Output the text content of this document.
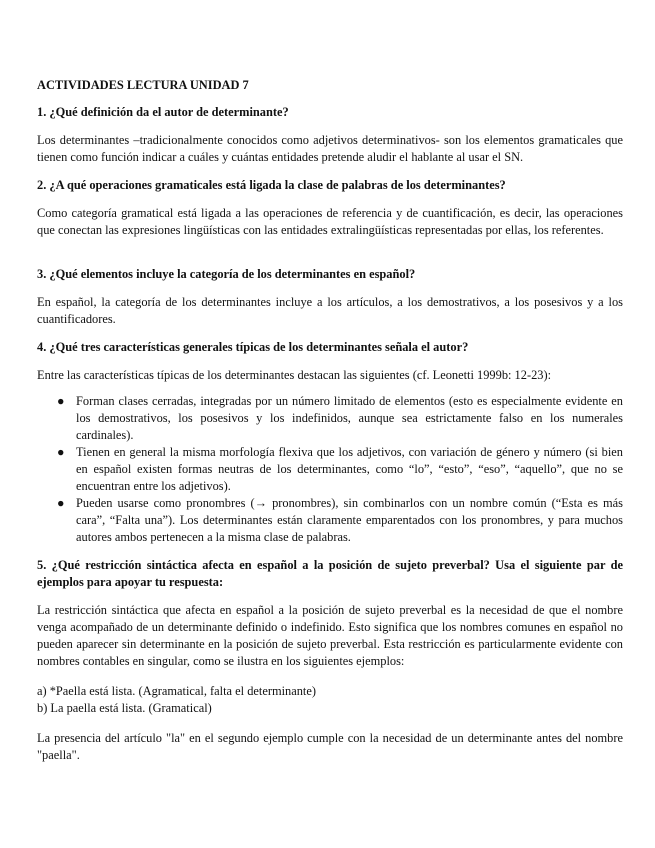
ACTIVIDADES LECTURA UNIDAD 7
1. ¿Qué definición da el autor de determinante?
Los determinantes –tradicionalmente conocidos como adjetivos determinativos- son los elementos gramaticales que tienen como función indicar a cuáles y cuántas entidades pretende aludir el hablante al usar el SN.
2. ¿A qué operaciones gramaticales está ligada la clase de palabras de los determinantes?
Como categoría gramatical está ligada a las operaciones de referencia y de cuantificación, es decir, las operaciones que conectan las expresiones lingüísticas con las entidades extralingüísticas representadas por ellas, los referentes.
3. ¿Qué elementos incluye la categoría de los determinantes en español?
En español, la categoría de los determinantes incluye a los artículos, a los demostrativos, a los posesivos y a los cuantificadores.
4. ¿Qué tres características generales típicas de los determinantes señala el autor?
Entre las características típicas de los determinantes destacan las siguientes (cf. Leonetti 1999b: 12-23):
● Forman clases cerradas, integradas por un número limitado de elementos (esto es especialmente evidente en los demostrativos, los posesivos y los indefinidos, aunque sea estrictamente falso en los numerales cardinales).
● Tienen en general la misma morfología flexiva que los adjetivos, con variación de género y número (si bien en español existen formas neutras de los determinantes, como “lo”, “esto”, “eso”, “aquello”, que no se encuentran entre los adjetivos).
● Pueden usarse como pronombres (→ pronombres), sin combinarlos con un nombre común (“Esta es más cara”, “Falta una”). Los determinantes están claramente emparentados con los pronombres, y para muchos autores ambos pertenecen a la misma clase de palabras.
5. ¿Qué restricción sintáctica afecta en español a la posición de sujeto preverbal? Usa el siguiente par de ejemplos para apoyar tu respuesta:
La restricción sintáctica que afecta en español a la posición de sujeto preverbal es la necesidad de que el nombre venga acompañado de un determinante definido o indefinido. Esto significa que los nombres comunes en español no pueden aparecer sin determinante en la posición de sujeto preverbal. Esta restricción es particularmente evidente con nombres contables en singular, como se ilustra en los siguientes ejemplos:
a) *Paella está lista. (Agramatical, falta el determinante)
b) La paella está lista. (Gramatical)
La presencia del artículo "la" en el segundo ejemplo cumple con la necesidad de un determinante antes del nombre "paella".
